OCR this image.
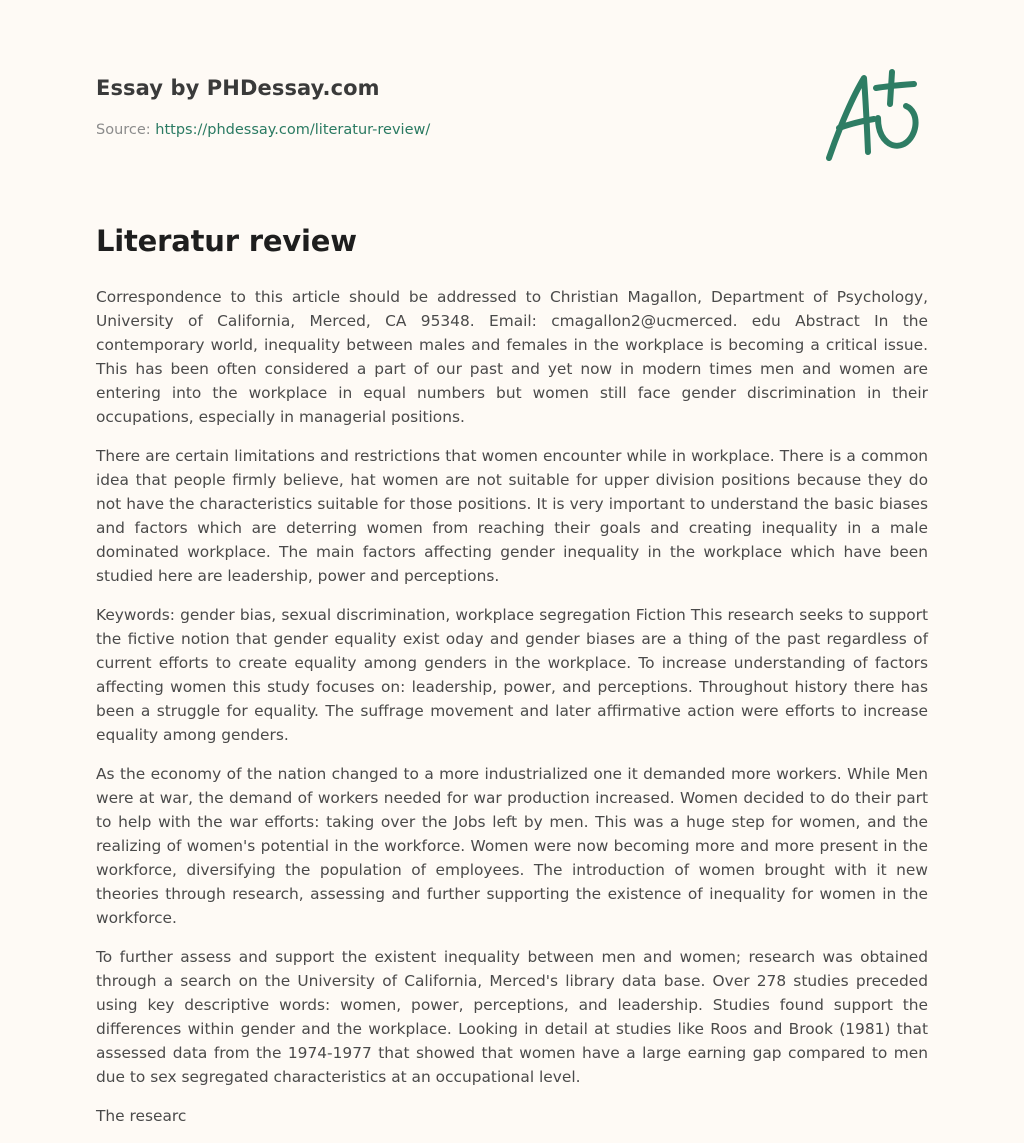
Essay by PHDessay.com
Source: https://phdessay.com/literatur-review/
Literatur review

Correspondence to this article should be addressed to Christian Magallon, Department of Psychology, University of California, Merced, CA 95348. Email: cmagallon2@ucmerced. edu Abstract In the contemporary world, inequality between males and females in the workplace is becoming a critical issue. This has been often considered a part of our past and yet now in modern times men and women are entering into the workplace in equal numbers but women still face gender discrimination in their occupations, especially in managerial positions.

There are certain limitations and restrictions that women encounter while in workplace. There is a common idea that people firmly believe, hat women are not suitable for upper division positions because they do not have the characteristics suitable for those positions. It is very important to understand the basic biases and factors which are deterring women from reaching their goals and creating inequality in a male dominated workplace. The main factors affecting gender inequality in the workplace which have been studied here are leadership, power and perceptions.

Keywords: gender bias, sexual discrimination, workplace segregation Fiction This research seeks to support the fictive notion that gender equality exist oday and gender biases are a thing of the past regardless of current efforts to create equality among genders in the workplace. To increase understanding of factors affecting women this study focuses on: leadership, power, and perceptions. Throughout history there has been a struggle for equality. The suffrage movement and later affirmative action were efforts to increase equality among genders.

As the economy of the nation changed to a more industrialized one it demanded more workers. While Men were at war, the demand of workers needed for war production increased. Women decided to do their part to help with the war efforts: taking over the Jobs left by men. This was a huge step for women, and the realizing of women's potential in the workforce. Women were now becoming more and more present in the workforce, diversifying the population of employees. The introduction of women brought with it new theories through research, assessing and further supporting the existence of inequality for women in the workforce.

To further assess and support the existent inequality between men and women; research was obtained through a search on the University of California, Merced's library data base. Over 278 studies preceded using key descriptive words: women, power, perceptions, and leadership. Studies found support the differences within gender and the workplace. Looking in detail at studies like Roos and Brook (1981) that assessed data from the 1974-1977 that showed that women have a large earning gap compared to men due to sex segregated characteristics at an occupational level.

The researc
